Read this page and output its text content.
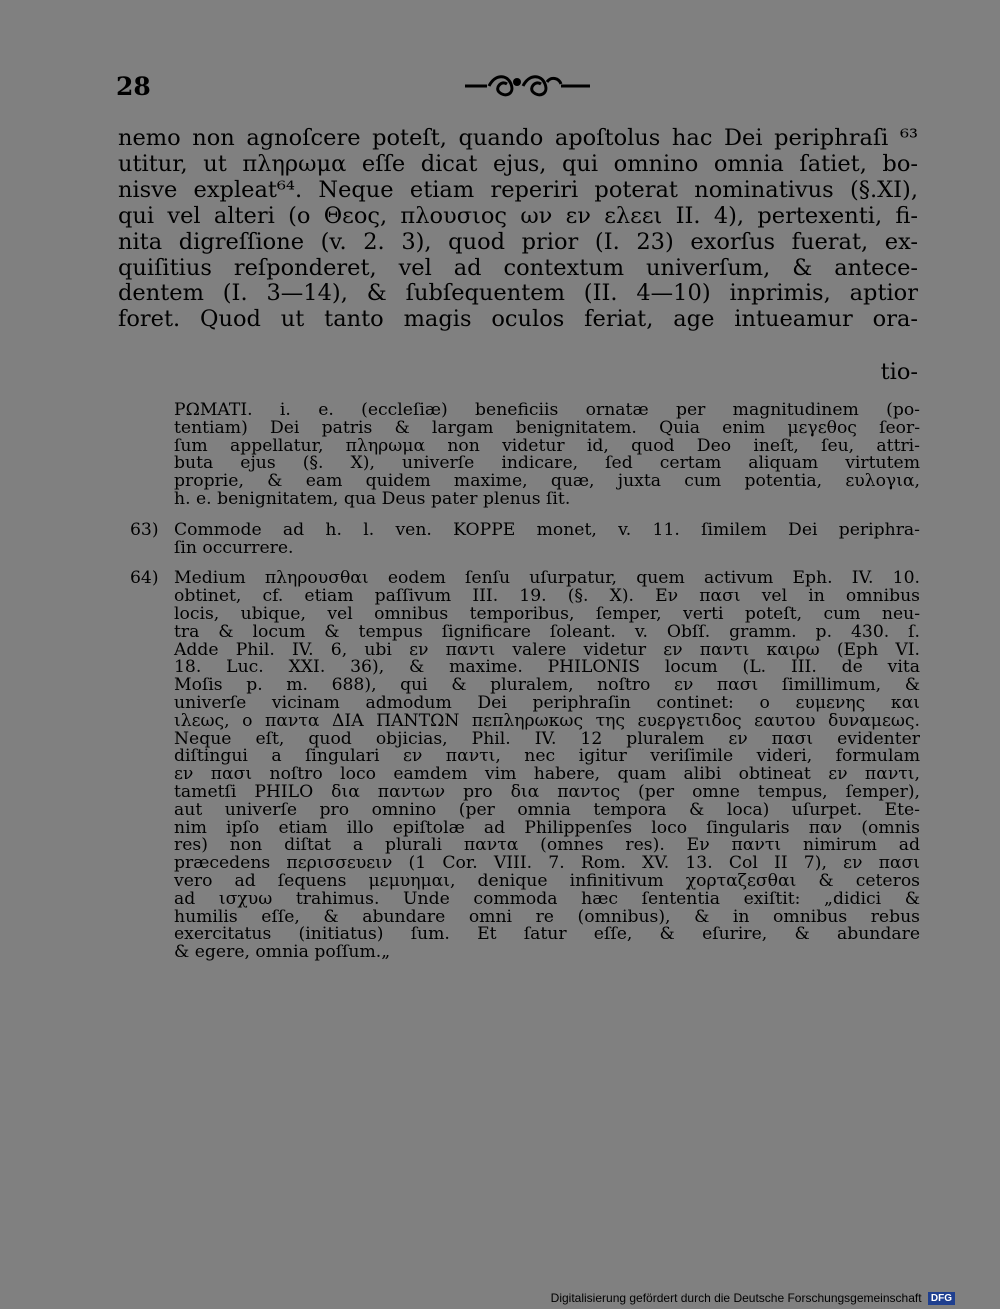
28

nemo non agnoſcere poteſt, quando apoſtolus hac Dei periphraſi ⁶³

utitur, ut πληρωμα eſſe dicat ejus, qui omnino omnia ſatiet, bo-

nisve expleat⁶⁴. Neque etiam reperiri poterat nominativus (§.XI),

qui vel alteri (ο Θεος, πλουσιος ων εν ελεει II. 4), pertexenti, fi-

nita digreſſione (v. 2. 3), quod prior (I. 23) exorſus fuerat, ex-

quiſitius reſponderet, vel ad contextum univerſum, & antece-

dentem (I. 3—14), & ſubſequentem (II. 4—10) inprimis, aptior

foret. Quod ut tanto magis oculos feriat, age intueamur ora-

tio-
PΩMATI. i. e. (eccleſiæ) beneficiis ornatæ per magnitudinem (po-
tentiam) Dei patris & largam benignitatem. Quia enim μεγεθος ſeor-
ſum appellatur, πληρωμα non videtur id, quod Deo ineſt, ſeu, attri-
buta ejus (§. X), univerſe indicare, ſed certam aliquam virtutem
proprie, & eam quidem maxime, quæ, juxta cum potentia, ευλογια,
h. e. benignitatem, qua Deus pater plenus ſit.
63) Commode ad h. l. ven. KOPPE monet, v. 11. ſimilem Dei periphra-
ſin occurrere.
64) Medium πληρουσθαι eodem ſenſu uſurpatur, quem activum Eph. IV. 10.
obtinet, cf. etiam paſſivum III. 19. (§. X). Εν πασι vel in omnibus
locis, ubique, vel omnibus temporibus, ſemper, verti poteſt, cum neu-
tra & locum & tempus ſignificare ſoleant. v. Obſſ. gramm. p. 430. ſ.
Adde Phil. IV. 6, ubi εν παντι valere videtur εν παντι καιρω (Eph VI.
18. Luc. XXI. 36), & maxime. PHILONIS locum (L. III. de vita
Moſis p. m. 688), qui & pluralem, noſtro εν πασι ſimillimum, &
univerſe vicinam admodum Dei periphraſin continet: ο ευμενης και
ιλεως, ο παντα ΔΙΑ ΠΑΝΤΩΝ πεπληρωκως της ευεργετιδος εαυτου δυναμεως.
Neque eſt, quod objicias, Phil. IV. 12 pluralem εν πασι evidenter
diſtingui a ſingulari εν παντι, nec igitur veriſimile videri, formulam
εν πασι noſtro loco eamdem vim habere, quam alibi obtineat εν παντι,
tametſi PHILO δια παντων pro δια παντος (per omne tempus, ſemper),
aut univerſe pro omnino (per omnia tempora & loca) uſurpet. Ete-
nim ipſo etiam illo epiſtolæ ad Philippenſes loco ſingularis παν (omnis
res) non diſtat a plurali παντα (omnes res). Εν παντι nimirum ad
præcedens περισσευειν (1 Cor. VIII. 7. Rom. XV. 13. Col II 7), εν πασι
vero ad ſequens μεμυημαι, denique infinitivum χορταζεσθαι & ceteros
ad ισχυω trahimus. Unde commoda hæc ſententia exiſtit: „didici &
humilis eſſe, & abundare omni re (omnibus), & in omnibus rebus
exercitatus (initiatus) ſum. Et ſatur eſſe, & eſurire, & abundare
& egere, omnia poſſum.„
Digitalisierung gefördert durch die Deutsche Forschungsgemeinschaft DFG
